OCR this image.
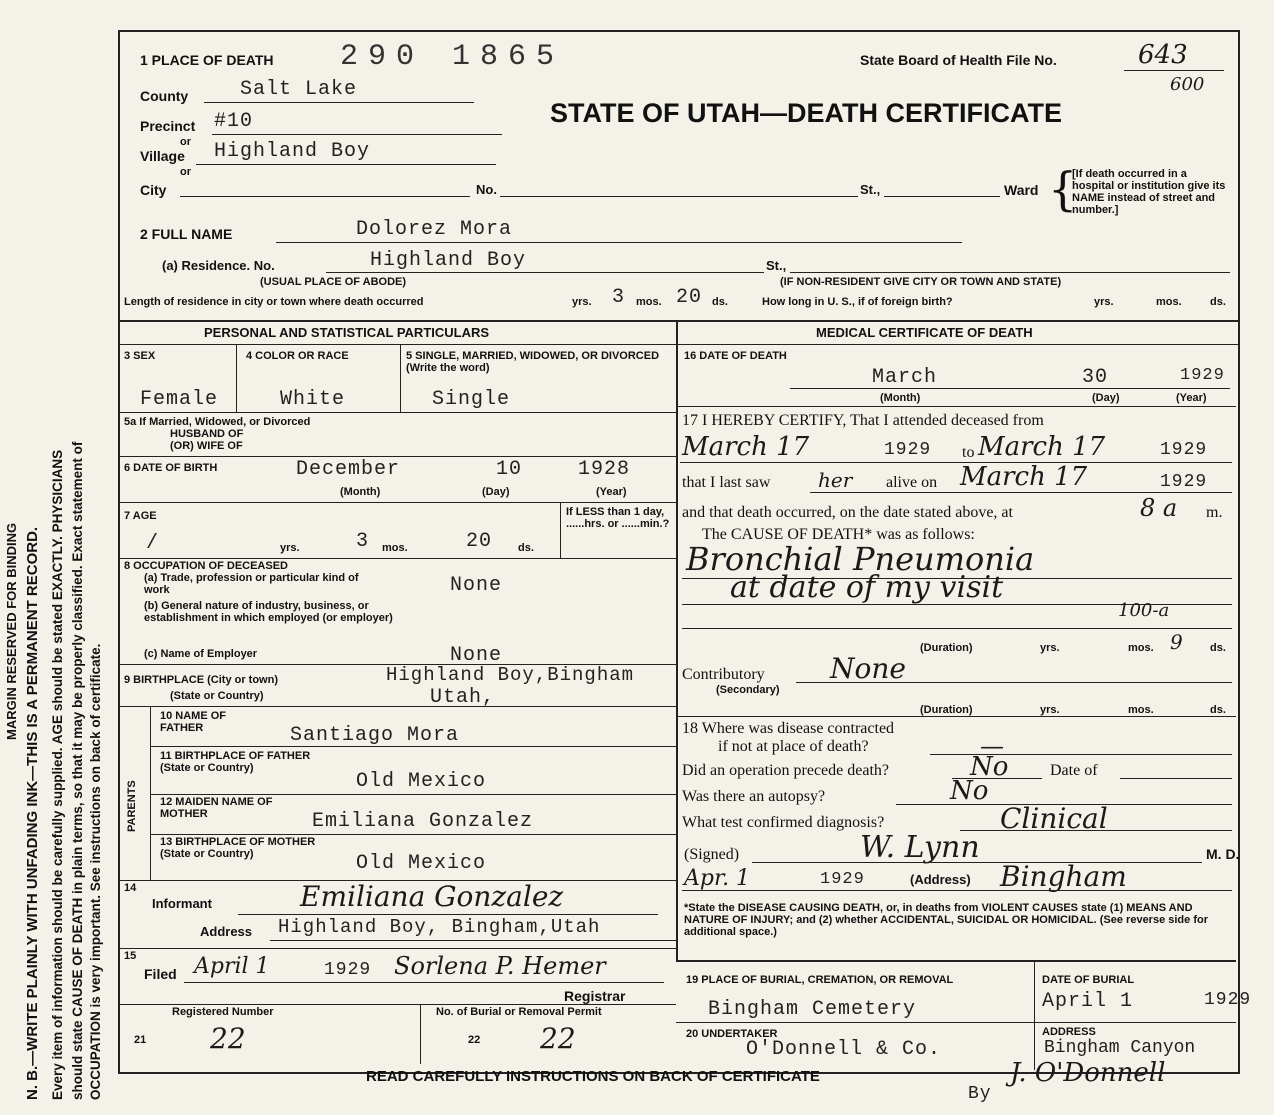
MARGIN RESERVED FOR BINDING N. B.—WRITE PLAINLY WITH UNFADING INK—THIS IS A PERMANENT RECORD. Every item of information should be carefully supplied. AGE should be stated EXACTLY. PHYSICIANS should state CAUSE OF DEATH in plain terms, so that it may be properly classified. Exact statement of OCCUPATION is very important. See instructions on back of certificate.
290 1865	State Board of Health File No.	643
600
STATE OF UTAH—DEATH CERTIFICATE
1 PLACE OF DEATH
County	Salt Lake
Precinct #10
or
Village Highland Boy
or
City	No.	St.,	Ward {
[If death occurred in a hospital or institution give its NAME instead of street and number.]
2 FULL NAME	Dolorez Mora
(a) Residence. No.	Highland Boy
(USUAL PLACE OF ABODE)
St.,
(IF NON-RESIDENT GIVE CITY OR TOWN AND STATE)
Length of residence in city or town where death occurred	yrs. 3 mos. 20 ds.	How long in U. S., if of foreign birth?	yrs.	mos.	ds.
PERSONAL AND STATISTICAL PARTICULARS
3 SEX
Female
4 COLOR OR RACE
White
5 SINGLE, MARRIED, WIDOWED, OR DIVORCED (Write the word)
Single
5a If Married, Widowed, or Divorced
HUSBAND OF
(OR) WIFE OF
6 DATE OF BIRTH	December	10	1928
(Month)	(Day)	(Year)
7 AGE
/	yrs.	3 mos.	20 ds.
If LESS than 1 day, ......hrs. or ......min.?
8 OCCUPATION OF DECEASED
(a) Trade, profession or particular kind of work	None
(b) General nature of industry, business, or establishment in which employed (or employer)
(c) Name of Employer	None
9 BIRTHPLACE (City or town)
(State or Country)
Highland Boy,Bingham
Utah,
PARENTS
10 NAME OF FATHER	Santiago Mora
11 BIRTHPLACE OF FATHER (State or Country)
Old Mexico
12 MAIDEN NAME OF MOTHER	Emiliana Gonzalez
13 BIRTHPLACE OF MOTHER (State or Country)	Old Mexico
14
Informant	Emiliana Gonzalez
Address Highland Boy, Bingham,Utah
15
Filed April 1	1929 Sorlena P. Hemer
Registrar
Registered Number	No. of Burial or Removal Permit
21 22	22 22
MEDICAL CERTIFICATE OF DEATH
16 DATE OF DEATH
March	30	1929
(Month)	(Day)	(Year)
17 I HEREBY CERTIFY, That I attended deceased from
March 17	1929 to March 17	1929
that I last saw her alive on March 17	1929
and that death occurred, on the date stated above, at	8 a m.
The CAUSE OF DEATH* was as follows:
Bronchial Pneumonia
at date of my visit
100-a
(Duration)	yrs.	mos. 9 ds.
Contributory
(Secondary)
None
(Duration)	yrs.	mos.	ds.
18 Where was disease contracted
if not at place of death?	—
Did an operation precede death?	No	Date of
Was there an autopsy?	No
What test confirmed diagnosis?	Clinical
(Signed)	W. Lynn	M. D.
Apr. 1	1929	(Address) Bingham
*State the DISEASE CAUSING DEATH, or, in deaths from VIOLENT CAUSES state (1) MEANS AND NATURE OF INJURY; and (2) whether ACCIDENTAL, SUICIDAL OR HOMICIDAL. (See reverse side for additional space.)
19 PLACE OF BURIAL, CREMATION, OR REMOVAL
Bingham Cemetery
DATE OF BURIAL
April 1	1929
20 UNDERTAKER
O'Donnell & Co.
ADDRESS
Bingham Canyon
READ CAREFULLY INSTRUCTIONS ON BACK OF CERTIFICATE
By
J. O'Donnell
